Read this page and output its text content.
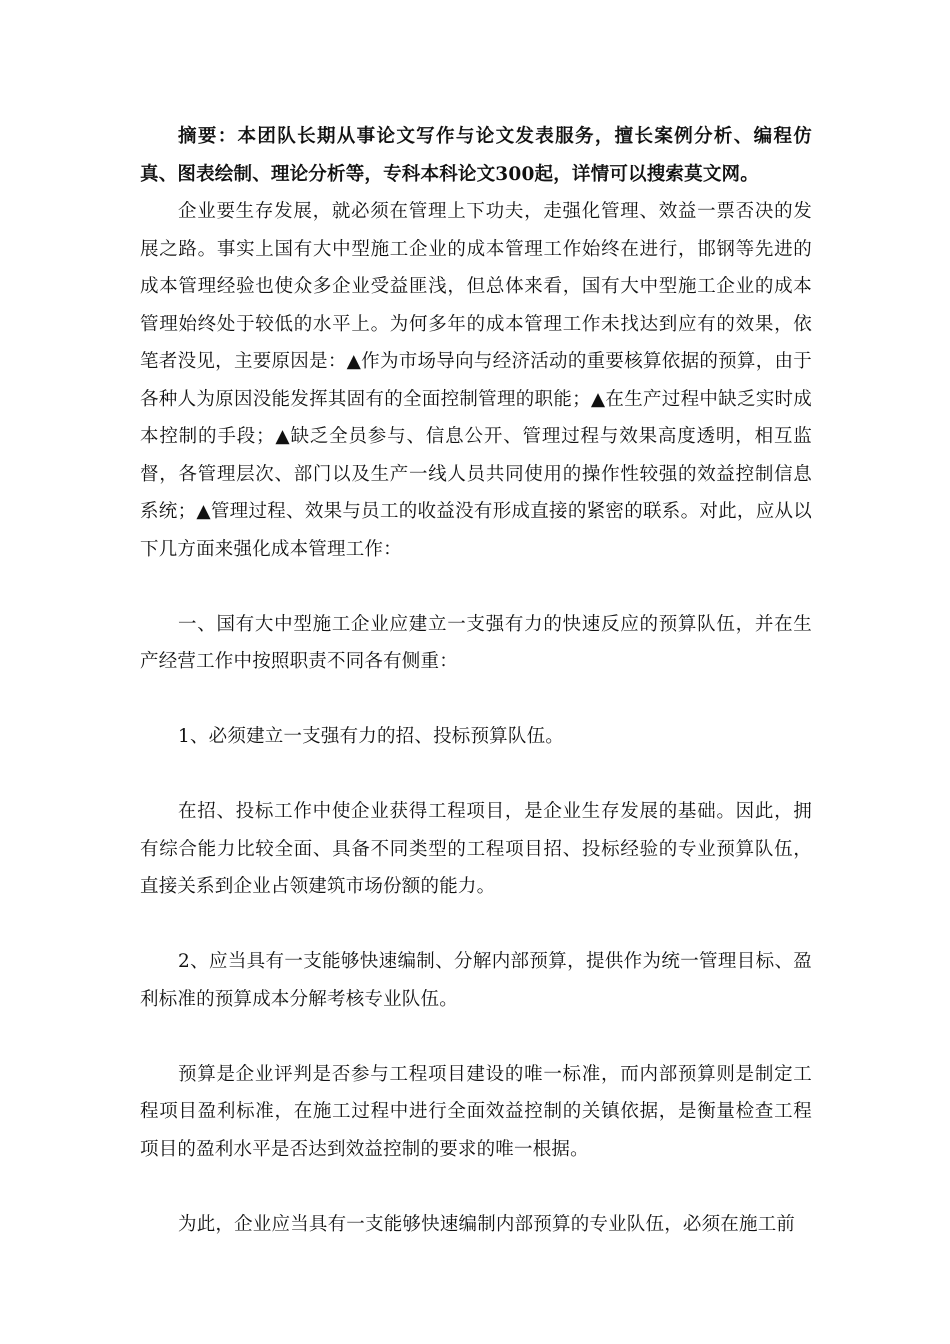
摘要：本团队长期从事论文写作与论文发表服务，擅长案例分析、编程仿真、图表绘制、理论分析等，专科本科论文300起，详情可以搜索莫文网。

企业要生存发展，就必须在管理上下功夫，走强化管理、效益一票否决的发展之路。事实上国有大中型施工企业的成本管理工作始终在进行，邯钢等先进的成本管理经验也使众多企业受益匪浅，但总体来看，国有大中型施工企业的成本管理始终处于较低的水平上。为何多年的成本管理工作未找达到应有的效果，依笔者没见，主要原因是：▲作为市场导向与经济活动的重要核算依据的预算，由于各种人为原因没能发挥其固有的全面控制管理的职能；▲在生产过程中缺乏实时成本控制的手段；▲缺乏全员参与、信息公开、管理过程与效果高度透明，相互监督，各管理层次、部门以及生产一线人员共同使用的操作性较强的效益控制信息系统；▲管理过程、效果与员工的收益没有形成直接的紧密的联系。对此，应从以下几方面来强化成本管理工作：

一、国有大中型施工企业应建立一支强有力的快速反应的预算队伍，并在生产经营工作中按照职责不同各有侧重：

1、必须建立一支强有力的招、投标预算队伍。

在招、投标工作中使企业获得工程项目，是企业生存发展的基础。因此，拥有综合能力比较全面、具备不同类型的工程项目招、投标经验的专业预算队伍，直接关系到企业占领建筑市场份额的能力。

2、应当具有一支能够快速编制、分解内部预算，提供作为统一管理目标、盈利标准的预算成本分解考核专业队伍。

预算是企业评判是否参与工程项目建设的唯一标准，而内部预算则是制定工程项目盈利标准，在施工过程中进行全面效益控制的关镇依据，是衡量检查工程项目的盈利水平是否达到效益控制的要求的唯一根据。

为此，企业应当具有一支能够快速编制内部预算的专业队伍，必须在施工前
